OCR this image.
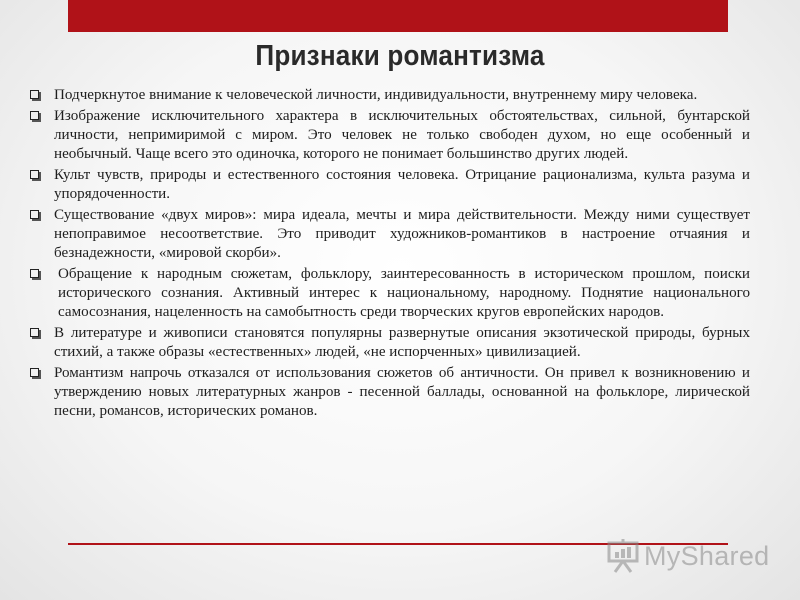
Признаки романтизма
Подчеркнутое внимание к человеческой личности, индивидуальности, внутреннему миру человека.
Изображение исключительного характера в исключительных обстоятельствах, сильной, бунтарской личности, непримиримой с миром. Это человек не только свободен духом, но еще особенный и необычный. Чаще всего это одиночка, которого не понимает большинство других людей.
Культ чувств, природы и естественного состояния человека. Отрицание рационализма, культа разума и упорядоченности.
Существование «двух миров»: мира идеала, мечты и мира действительности. Между ними существует непоправимое несоответствие. Это приводит художников-романтиков в настроение отчаяния и безнадежности, «мировой скорби».
Обращение к народным сюжетам, фольклору, заинтересованность в историческом прошлом, поиски исторического сознания. Активный интерес к национальному, народному. Поднятие национального самосознания, нацеленность на самобытность среди творческих кругов европейских народов.
В литературе и живописи становятся популярны развернутые описания экзотической природы, бурных стихий, а также образы «естественных» людей, «не испорченных» цивилизацией.
Романтизм напрочь отказался от использования сюжетов об античности. Он привел к возникновению и утверждению новых литературных жанров - песенной баллады, основанной на фольклоре, лирической песни, романсов, исторических романов.
MyShared
